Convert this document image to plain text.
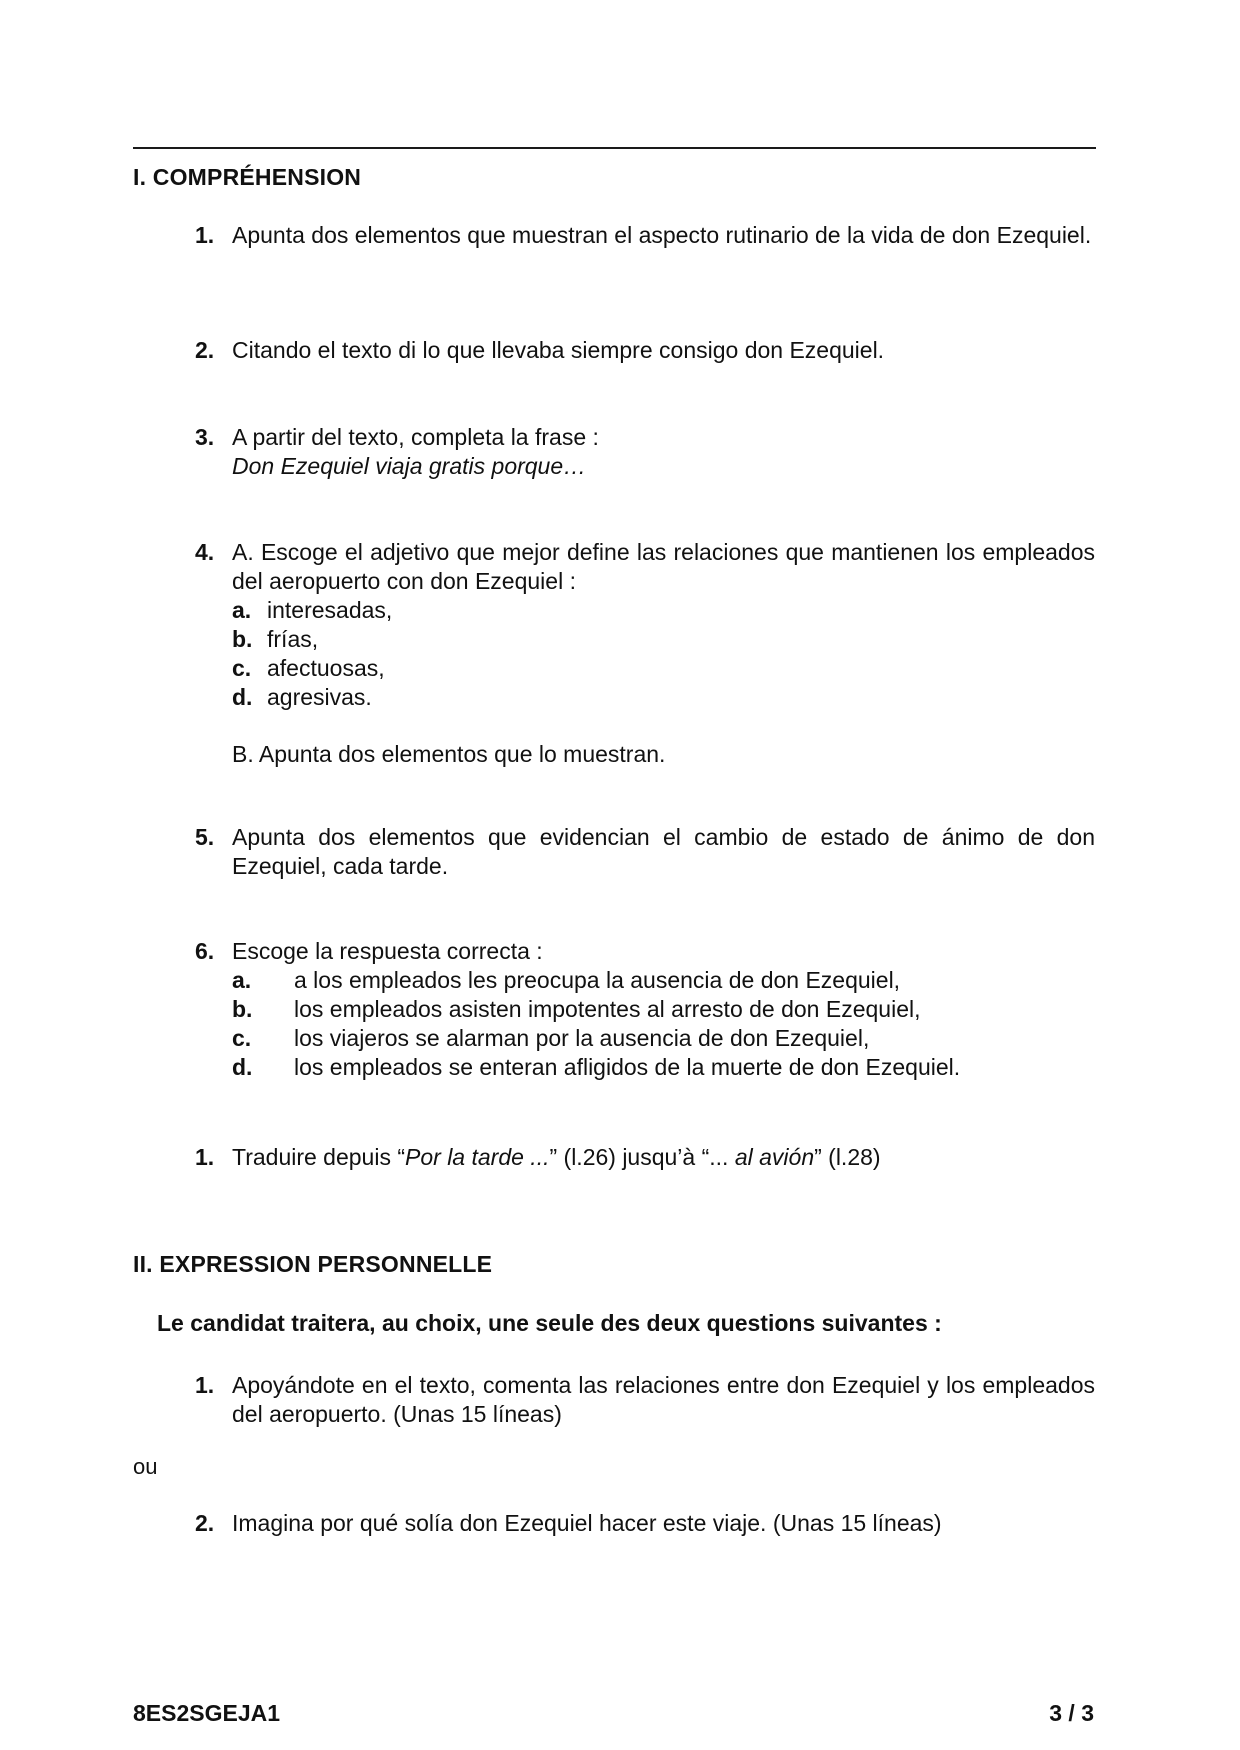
I. COMPRÉHENSION
1. Apunta dos elementos que muestran el aspecto rutinario de la vida de don Ezequiel.
2. Citando el texto di lo que llevaba siempre consigo don Ezequiel.
3. A partir del texto, completa la frase :
Don Ezequiel viaja gratis porque…
4. A. Escoge el adjetivo que mejor define las relaciones que mantienen los empleados del aeropuerto con don Ezequiel :
a. interesadas,
b. frías,
c. afectuosas,
d. agresivas.
B. Apunta dos elementos que lo muestran.
5. Apunta dos elementos que evidencian el cambio de estado de ánimo de don Ezequiel, cada tarde.
6. Escoge la respuesta correcta :
a. a los empleados les preocupa la ausencia de don Ezequiel,
b. los empleados asisten impotentes al arresto de don Ezequiel,
c. los viajeros se alarman por la ausencia de don Ezequiel,
d. los empleados se enteran afligidos de la muerte de don Ezequiel.
1. Traduire depuis “Por la tarde ...” (l.26) jusqu’à “... al avión” (l.28)
II. EXPRESSION PERSONNELLE
Le candidat traitera, au choix, une seule des deux questions suivantes :
1. Apoyándote en el texto, comenta las relaciones entre don Ezequiel y los empleados del aeropuerto. (Unas 15 líneas)
ou
2. Imagina por qué solía don Ezequiel hacer este viaje. (Unas 15 líneas)
8ES2SGEJA1	3 / 3
